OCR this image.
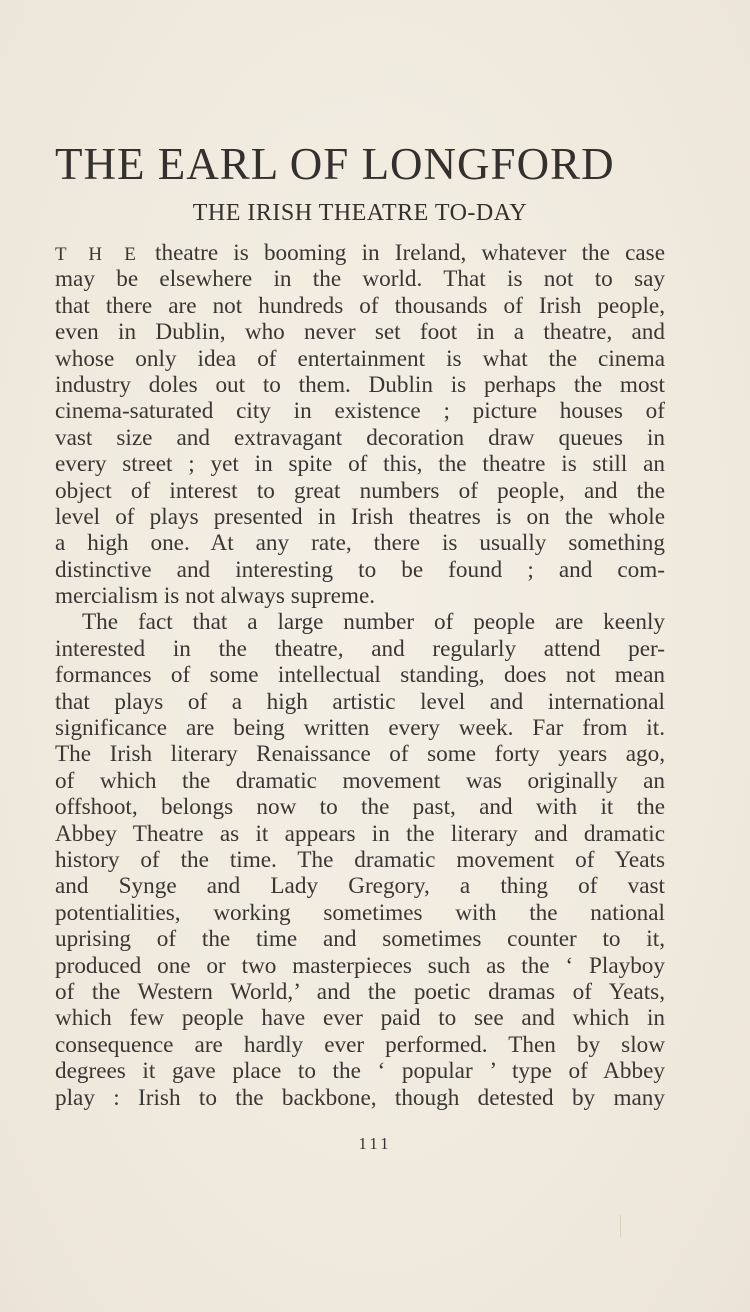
THE EARL OF LONGFORD
THE IRISH THEATRE TO-DAY
T H E theatre is booming in Ireland, whatever the case
may be elsewhere in the world. That is not to say
that there are not hundreds of thousands of Irish people,
even in Dublin, who never set foot in a theatre, and
whose only idea of entertainment is what the cinema
industry doles out to them. Dublin is perhaps the most
cinema-saturated city in existence ; picture houses of
vast size and extravagant decoration draw queues in
every street ; yet in spite of this, the theatre is still an
object of interest to great numbers of people, and the
level of plays presented in Irish theatres is on the whole
a high one. At any rate, there is usually something
distinctive and interesting to be found ; and com-
mercialism is not always supreme.
The fact that a large number of people are keenly
interested in the theatre, and regularly attend per-
formances of some intellectual standing, does not mean
that plays of a high artistic level and international
significance are being written every week. Far from it.
The Irish literary Renaissance of some forty years ago,
of which the dramatic movement was originally an
offshoot, belongs now to the past, and with it the
Abbey Theatre as it appears in the literary and dramatic
history of the time. The dramatic movement of Yeats
and Synge and Lady Gregory, a thing of vast
potentialities, working sometimes with the national
uprising of the time and sometimes counter to it,
produced one or two masterpieces such as the ‘ Playboy
of the Western World,’ and the poetic dramas of Yeats,
which few people have ever paid to see and which in
consequence are hardly ever performed. Then by slow
degrees it gave place to the ‘ popular ’ type of Abbey
play : Irish to the backbone, though detested by many
111
